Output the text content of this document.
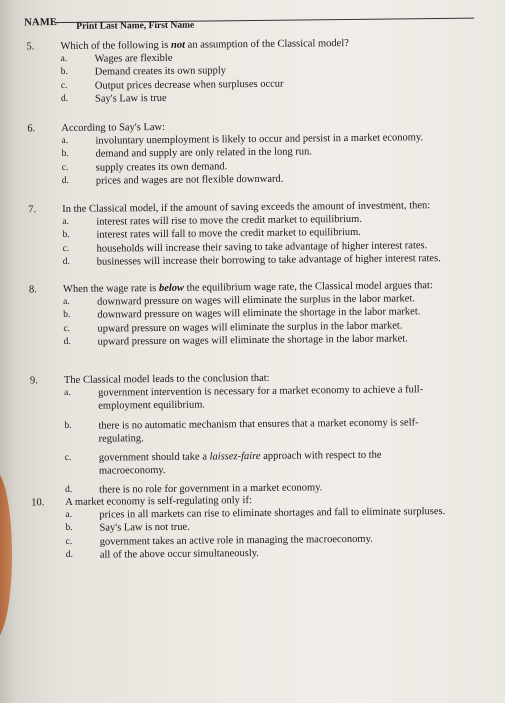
NAME Print Last Name, First Name
5. Which of the following is not an assumption of the Classical model?
a.	Wages are flexible
b.	Demand creates its own supply
c.	Output prices decrease when surpluses occur
d.	Say's Law is true
6. According to Say's Law:
a.	involuntary unemployment is likely to occur and persist in a market economy.
b.	demand and supply are only related in the long run.
c.	supply creates its own demand.
d.	prices and wages are not flexible downward.
7. In the Classical model, if the amount of saving exceeds the amount of investment, then:
a.	interest rates will rise to move the credit market to equilibrium.
b.	interest rates will fall to move the credit market to equilibrium.
c.	households will increase their saving to take advantage of higher interest rates.
d.	businesses will increase their borrowing to take advantage of higher interest rates.
8. When the wage rate is below the equilibrium wage rate, the Classical model argues that:
a.	downward pressure on wages will eliminate the surplus in the labor market.
b.	downward pressure on wages will eliminate the shortage in the labor market.
c.	upward pressure on wages will eliminate the surplus in the labor market.
d.	upward pressure on wages will eliminate the shortage in the labor market.
9. The Classical model leads to the conclusion that:
a.	government intervention is necessary for a market economy to achieve a full-
employment equilibrium.
b.	there is no automatic mechanism that ensures that a market economy is self-
regulating.
c.	government should take a laissez-faire approach with respect to the
macroeconomy.
d.	there is no role for government in a market economy.
10. A market economy is self-regulating only if:
a.	prices in all markets can rise to eliminate shortages and fall to eliminate surpluses.
b.	Say's Law is not true.
c.	government takes an active role in managing the macroeconomy.
d.	all of the above occur simultaneously.
